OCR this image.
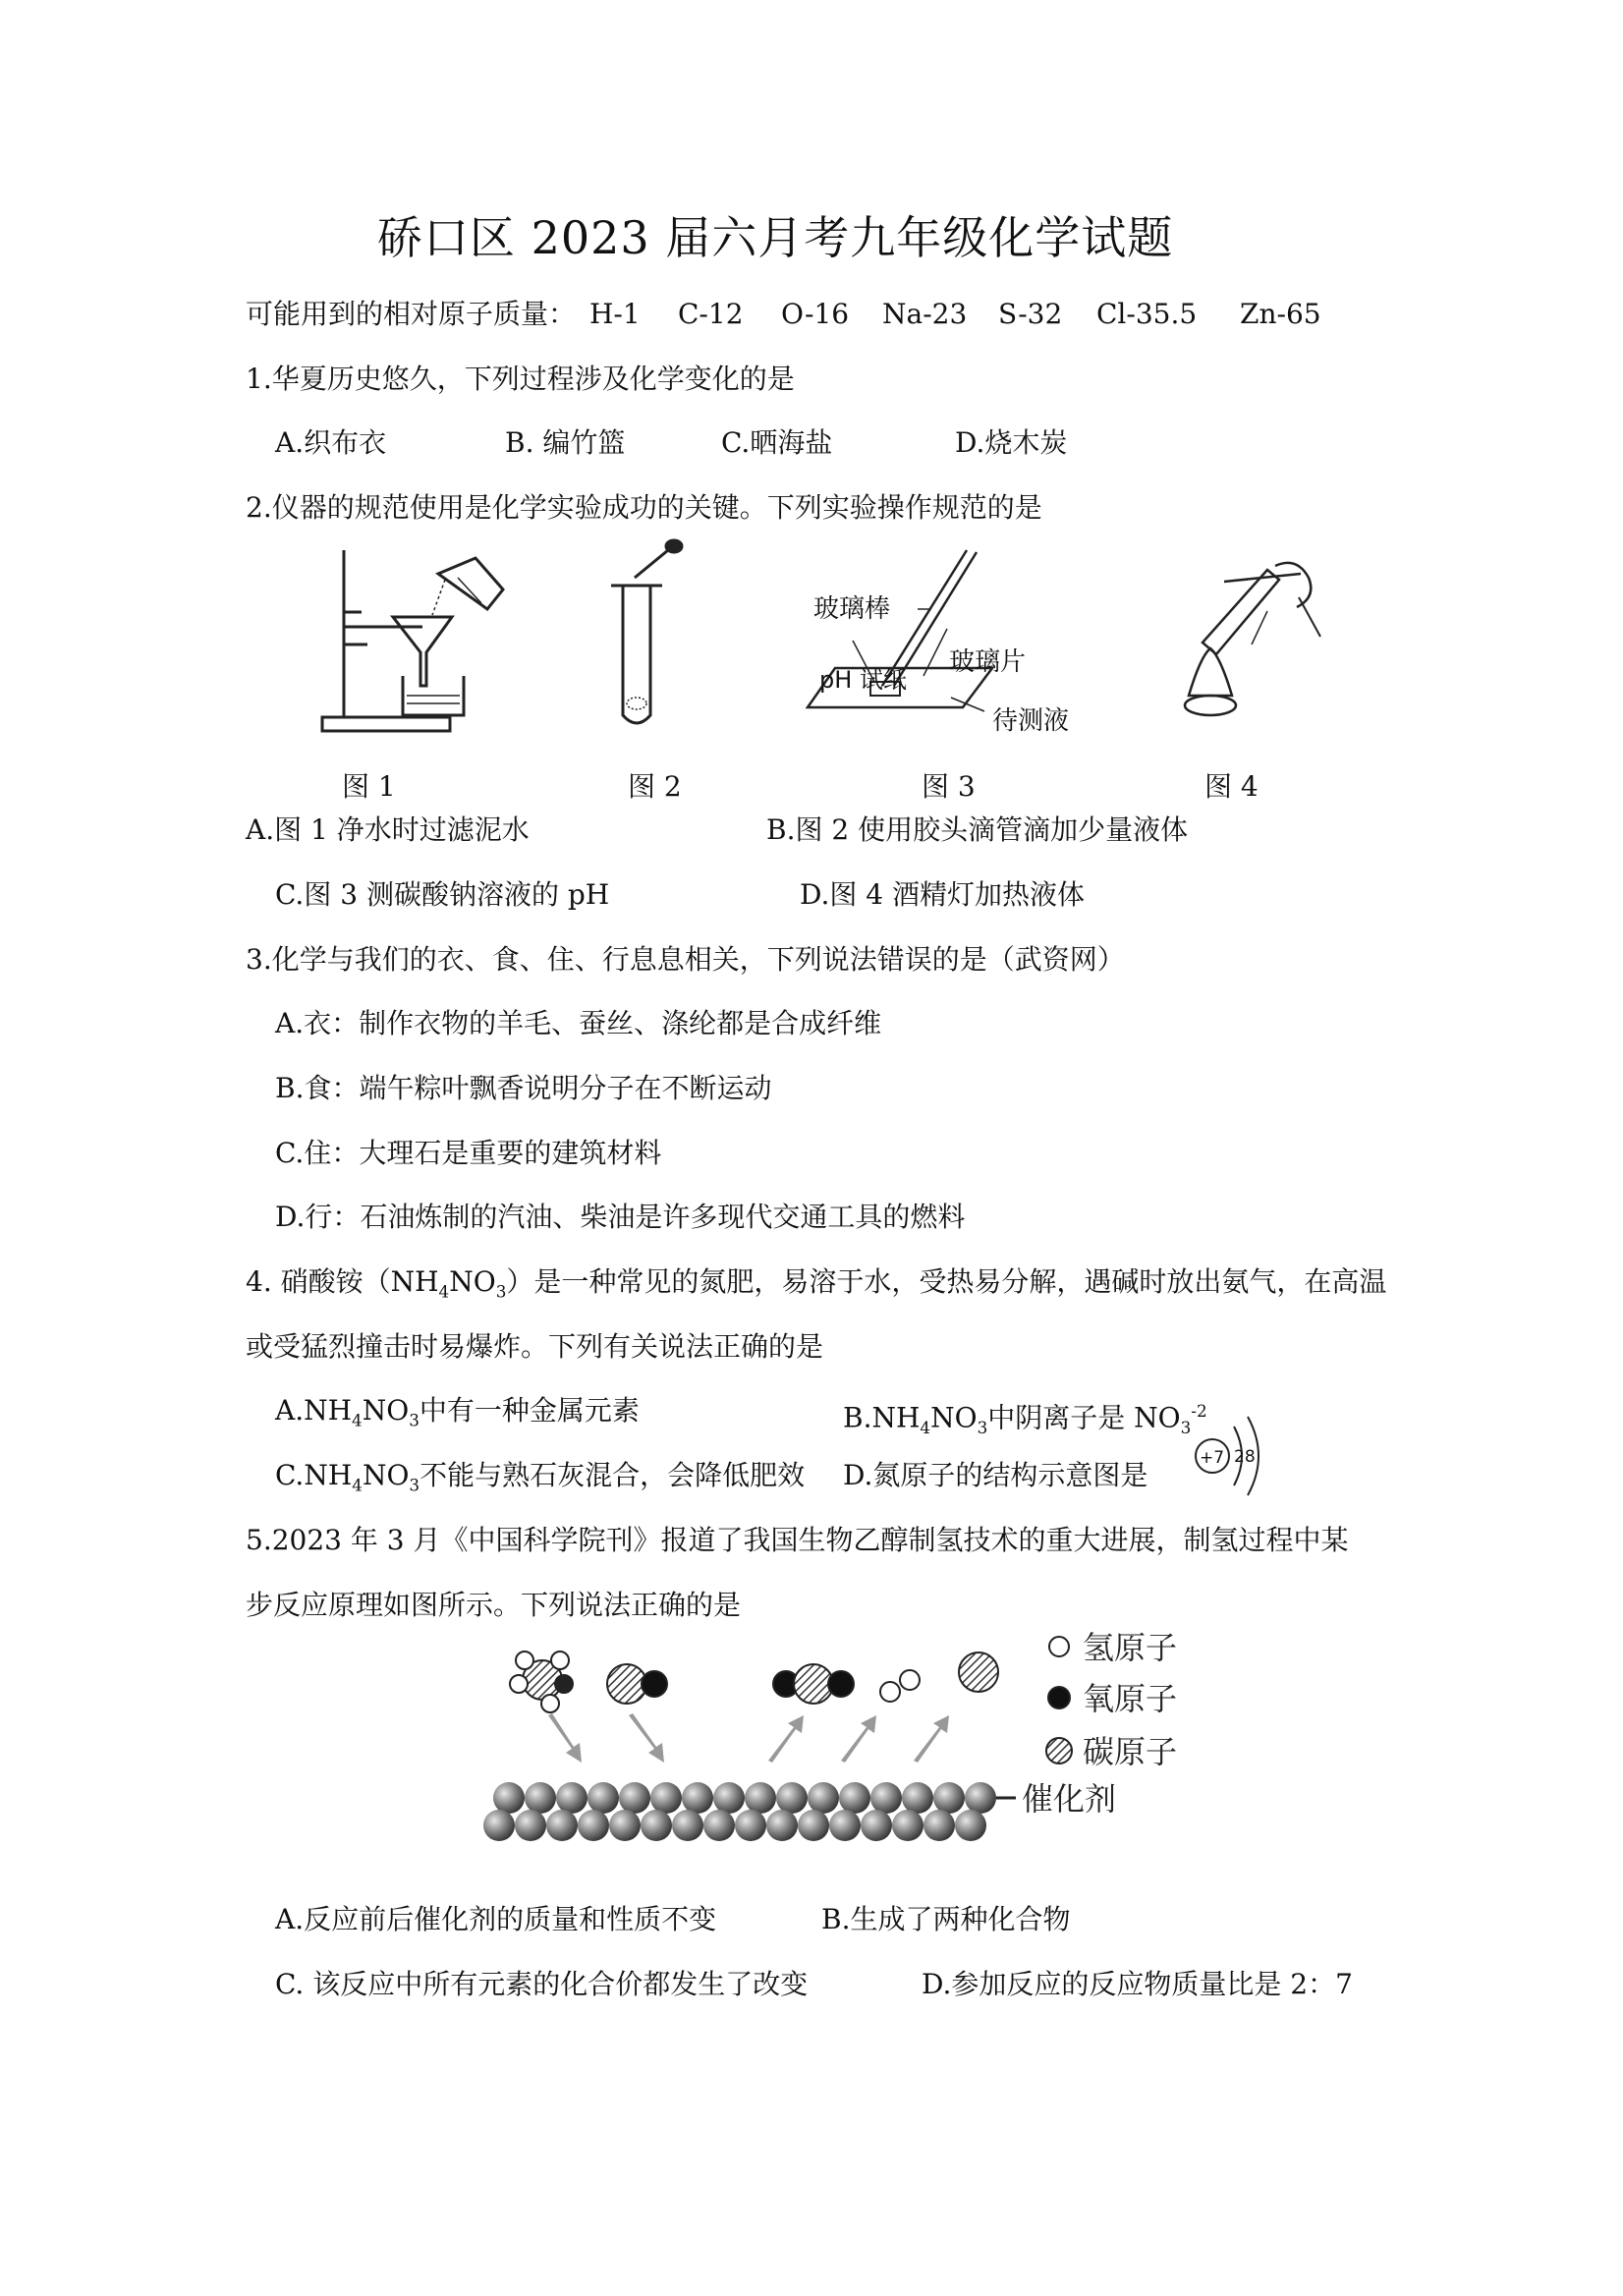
硚口区 2023 届六月考九年级化学试题
可能用到的相对原子质量： H-1 C-12 O-16 Na-23 S-32 Cl-35.5 Zn-65
1.华夏历史悠久，下列过程涉及化学变化的是
A.织布衣	B. 编竹篮	C.晒海盐	D.烧木炭
2.仪器的规范使用是化学实验成功的关键。下列实验操作规范的是
玻璃棒
pH 试纸
玻璃片
待测液
图 1	图 2	图 3	图 4
A.图 1 净水时过滤泥水	B.图 2 使用胶头滴管滴加少量液体
C.图 3 测碳酸钠溶液的 pH	D.图 4 酒精灯加热液体
3.化学与我们的衣、食、住、行息息相关，下列说法错误的是（武资网）
A.衣：制作衣物的羊毛、蚕丝、涤纶都是合成纤维
B.食：端午粽叶飘香说明分子在不断运动
C.住：大理石是重要的建筑材料
D.行：石油炼制的汽油、柴油是许多现代交通工具的燃料
4. 硝酸铵$(NH_4NO_3)$是一种常见的氮肥，易溶于水，受热易分解，遇碱时放出氨气，在高温
或受猛烈撞击时易爆炸。下列有关说法正确的是
$A.NH_4NO_3$中有一种金属元素	$B.NH_4NO_3$中阴离子是 $NO_3^{-2}$
$C.NH_4NO_3$不能与熟石灰混合，会降低肥效 D.氮原子的结构示意图是
+7 28
5.2023 年 3 月《中国科学院刊》报道了我国生物乙醇制氢技术的重大进展，制氢过程中某
步反应原理如图所示。下列说法正确的是
催化剂
氢原子
氧原子
碳原子
A.反应前后催化剂的质量和性质不变	B.生成了两种化合物
C. 该反应中所有元素的化合价都发生了改变	D.参加反应的反应物质量比是 2：7
